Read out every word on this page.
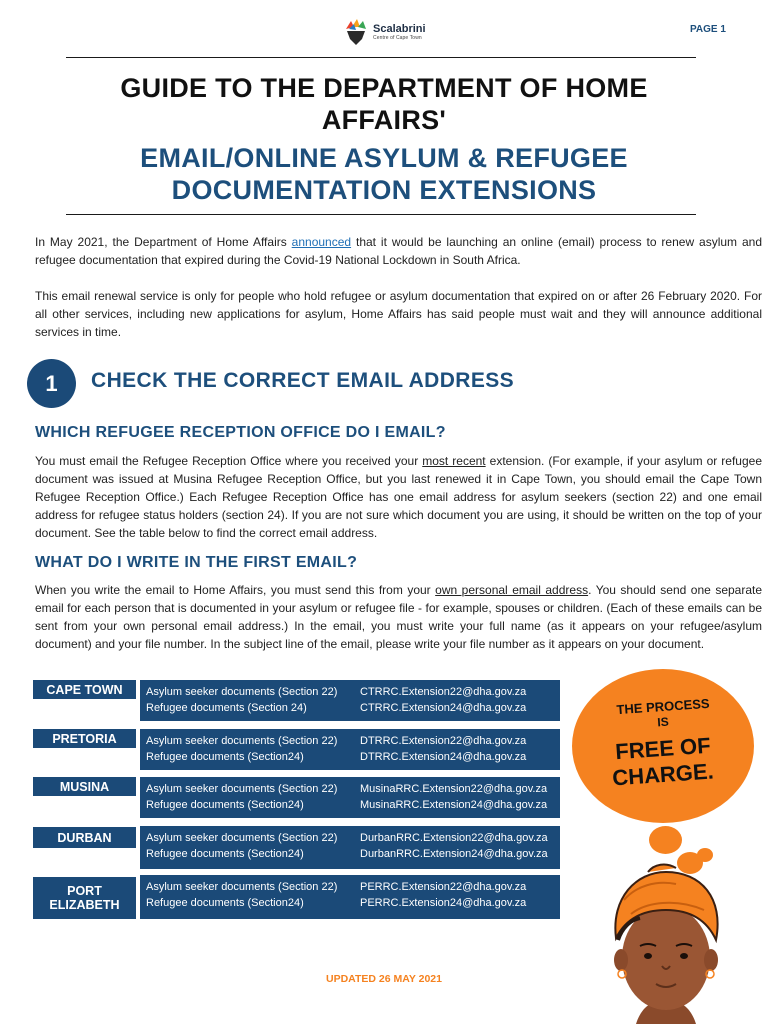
Scalabrini
Centre of Cape Town
PAGE 1
GUIDE TO THE DEPARTMENT OF HOME
AFFAIRS'
EMAIL/ONLINE ASYLUM & REFUGEE
DOCUMENTATION EXTENSIONS
In May 2021, the Department of Home Affairs announced that it would be launching an online (email) process to renew asylum and refugee documentation that expired during the Covid-19 National Lockdown in South Africa.
This email renewal service is only for people who hold refugee or asylum documentation that expired on or after 26 February 2020. For all other services, including new applications for asylum, Home Affairs has said people must wait and they will announce additional services in time.
1	CHECK THE CORRECT EMAIL ADDRESS
WHICH REFUGEE RECEPTION OFFICE DO I EMAIL?
You must email the Refugee Reception Office where you received your most recent extension. (For example, if your asylum or refugee document was issued at Musina Refugee Reception Office, but you last renewed it in Cape Town, you should email the Cape Town Refugee Reception Office.) Each Refugee Reception Office has one email address for asylum seekers (section 22) and one email address for refugee status holders (section 24). If you are not sure which document you are using, it should be written on the top of your document. See the table below to find the correct email address.
WHAT DO I WRITE IN THE FIRST EMAIL?
When you write the email to Home Affairs, you must send this from your own personal email address. You should send one separate email for each person that is documented in your asylum or refugee file - for example, spouses or children. (Each of these emails can be sent from your own personal email address.) In the email, you must write your full name (as it appears on your refugee/asylum document) and your file number. In the subject line of the email, please write your file number as it appears on your document.
CAPE TOWN Asylum seeker documents (Section 22) CTRRC.Extension22@dha.gov.za
Refugee documents (Section 24)	CTRRC.Extension24@dha.gov.za
PRETORIA	Asylum seeker documents (Section 22) DTRRC.Extension22@dha.gov.za
Refugee documents (Section24)	DTRRC.Extension24@dha.gov.za
MUSINA	Asylum seeker documents (Section 22) MusinaRRC.Extension22@dha.gov.za
Refugee documents (Section24)	MusinaRRC.Extension24@dha.gov.za
DURBAN	Asylum seeker documents (Section 22) DurbanRRC.Extension22@dha.gov.za
Refugee documents (Section24)	DurbanRRC.Extension24@dha.gov.za
PORT
ELIZABETH
Asylum seeker documents (Section 22) PERRC.Extension22@dha.gov.za
Refugee documents (Section24)	PERRC.Extension24@dha.gov.za
THE PROCESS
IS
FREE OF
CHARGE.
UPDATED 26 MAY 2021
